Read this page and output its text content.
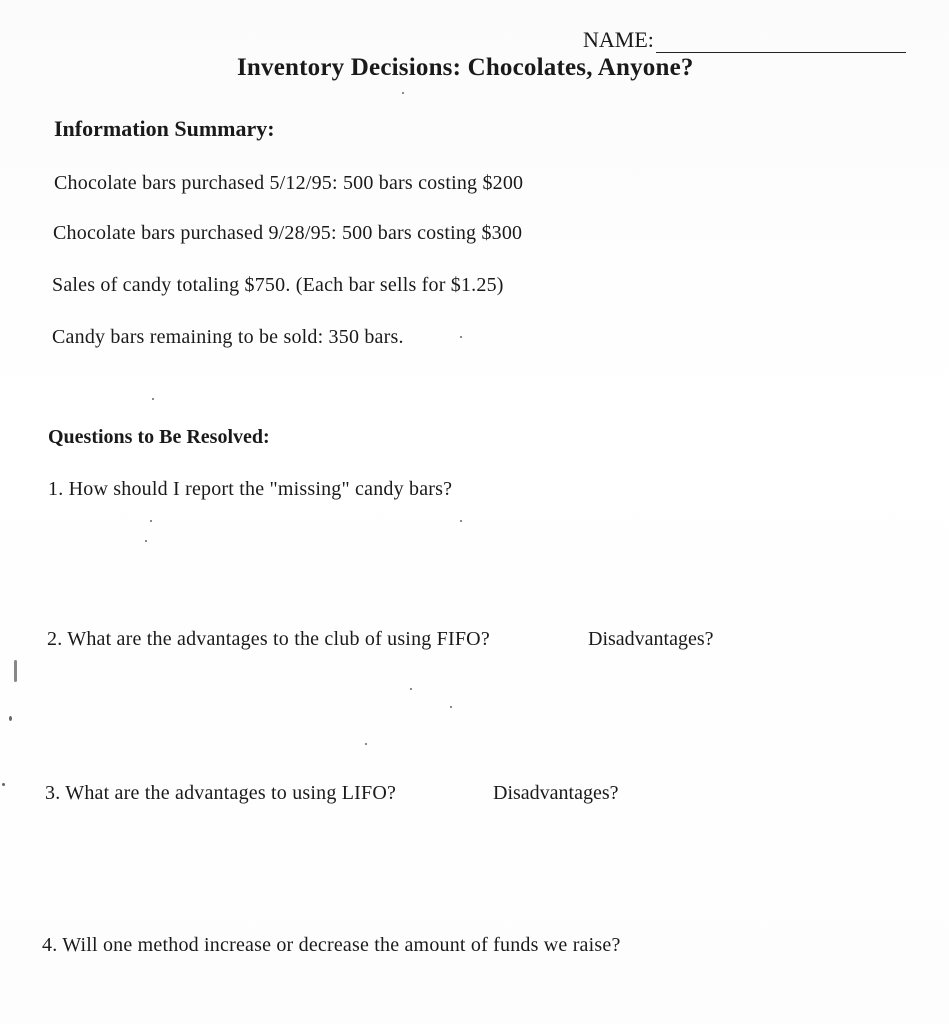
NAME:
Inventory Decisions: Chocolates, Anyone?
Information Summary:
Chocolate bars purchased 5/12/95: 500 bars costing $200
Chocolate bars purchased 9/28/95: 500 bars costing $300
Sales of candy totaling $750. (Each bar sells for $1.25)
Candy bars remaining to be sold: 350 bars.
Questions to Be Resolved:
1. How should I report the "missing" candy bars?
2. What are the advantages to the club of using FIFO?	Disadvantages?
3. What are the advantages to using LIFO?	Disadvantages?
4. Will one method increase or decrease the amount of funds we raise?
